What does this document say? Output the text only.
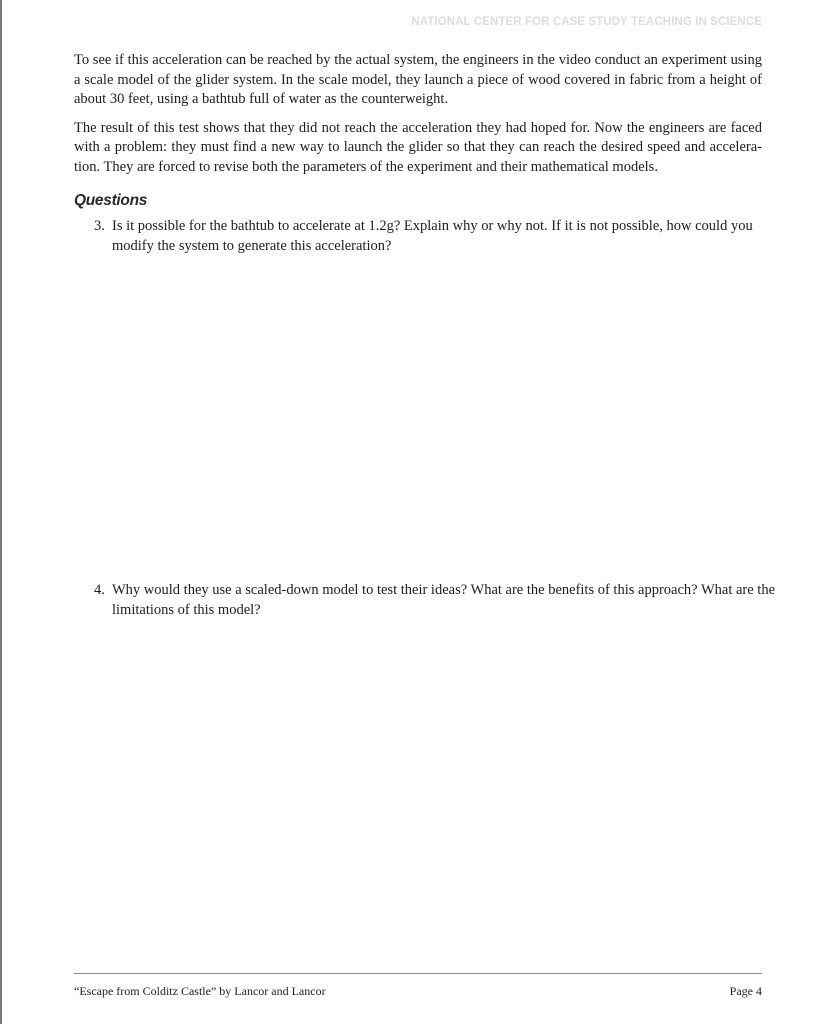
NATIONAL CENTER FOR CASE STUDY TEACHING IN SCIENCE

To see if this acceleration can be reached by the actual system, the engineers in the video conduct an experiment using a scale model of the glider system. In the scale model, they launch a piece of wood covered in fabric from a height of about 30 feet, using a bathtub full of water as the counterweight.

The result of this test shows that they did not reach the acceleration they had hoped for. Now the engineers are faced with a problem: they must find a new way to launch the glider so that they can reach the desired speed and acceleration. They are forced to revise both the parameters of the experiment and their mathematical models.

Questions
3. Is it possible for the bathtub to accelerate at 1.2g? Explain why or why not. If it is not possible, how could you modify the system to generate this acceleration?
4. Why would they use a scaled-down model to test their ideas? What are the benefits of this approach? What are the limitations of this model?
“Escape from Colditz Castle” by Lancor and Lancor	Page 4
